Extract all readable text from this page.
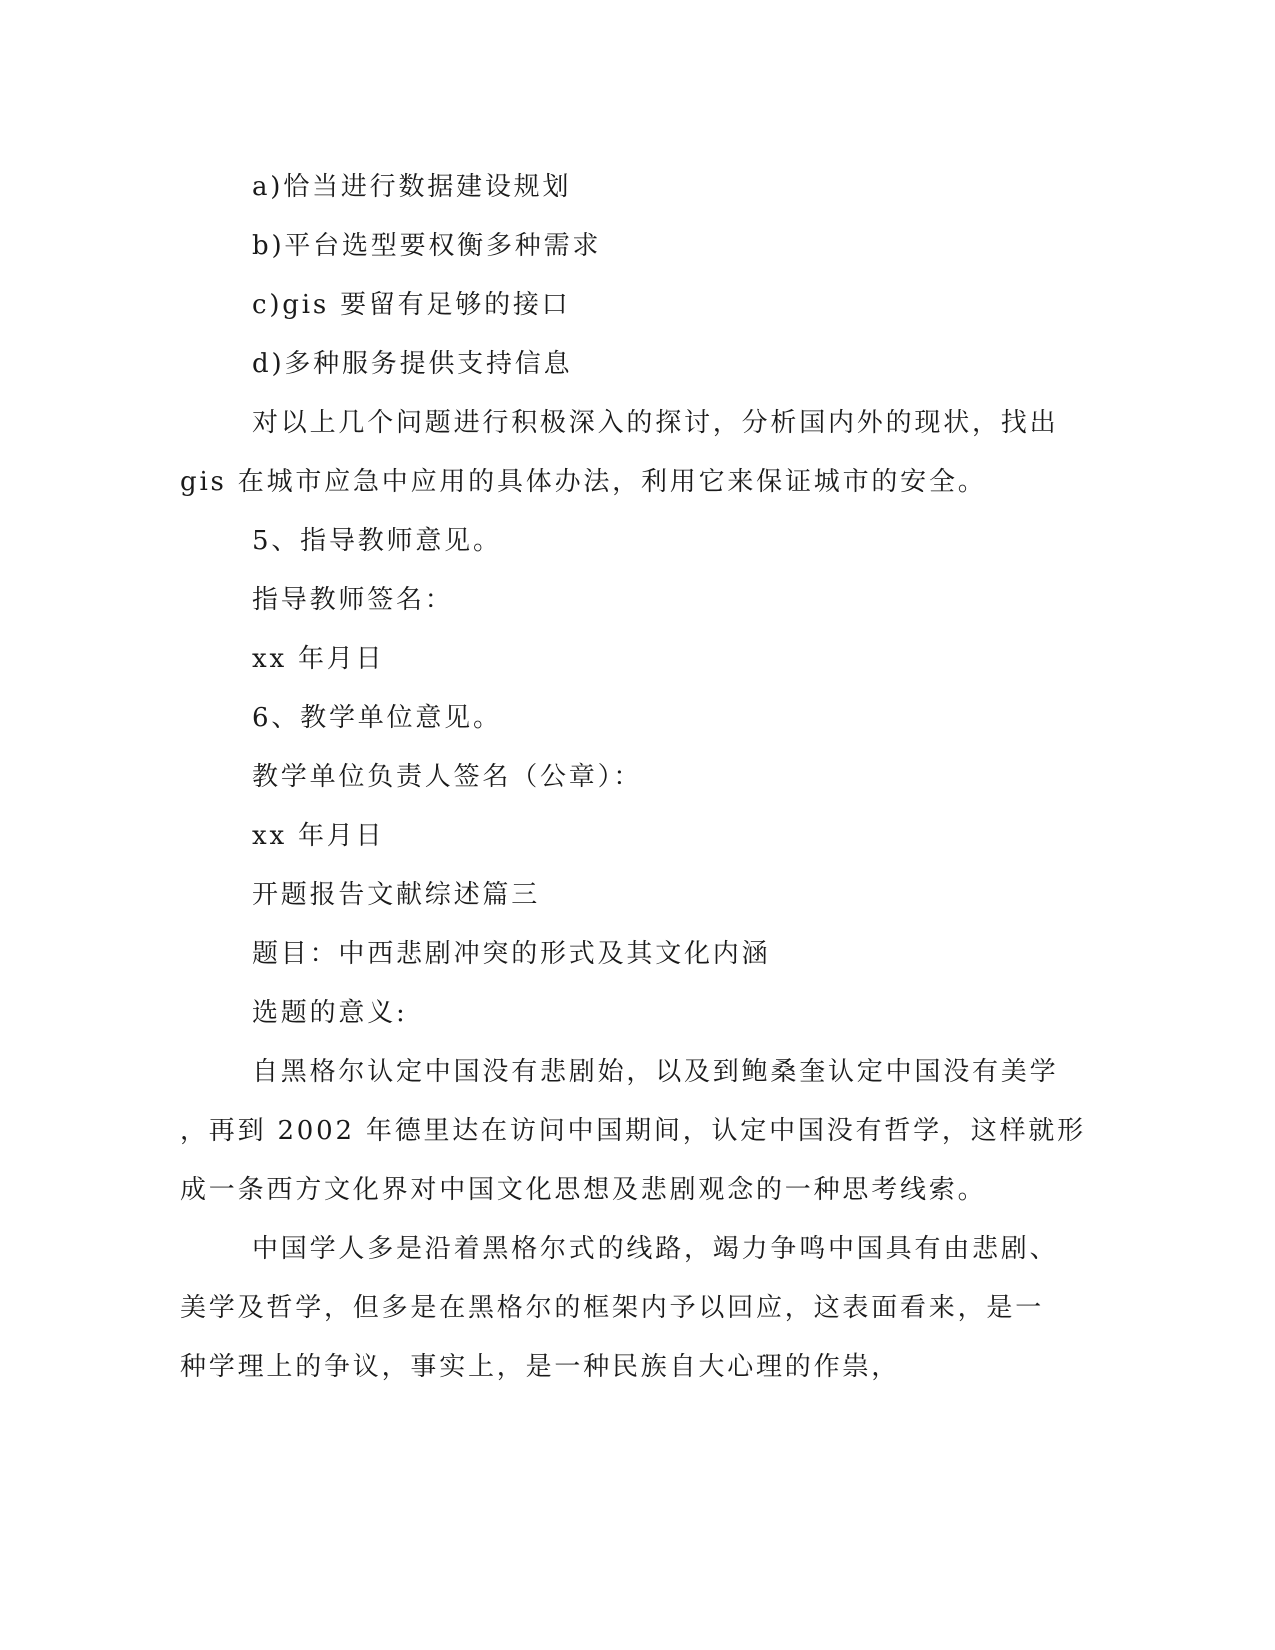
a)恰当进行数据建设规划

b)平台选型要权衡多种需求

c)gis 要留有足够的接口

d)多种服务提供支持信息

对以上几个问题进行积极深入的探讨，分析国内外的现状，找出
gis 在城市应急中应用的具体办法，利用它来保证城市的安全。

5、指导教师意见。

指导教师签名：

xx 年月日

6、教学单位意见。

教学单位负责人签名（公章）：

xx 年月日

开题报告文献综述篇三

题目：中西悲剧冲突的形式及其文化内涵

选题的意义:

自黑格尔认定中国没有悲剧始，以及到鲍桑奎认定中国没有美学
，再到 2002 年德里达在访问中国期间，认定中国没有哲学，这样就形
成一条西方文化界对中国文化思想及悲剧观念的一种思考线索。

中国学人多是沿着黑格尔式的线路，竭力争鸣中国具有由悲剧、
美学及哲学，但多是在黑格尔的框架内予以回应，这表面看来，是一
种学理上的争议，事实上，是一种民族自大心理的作祟，
